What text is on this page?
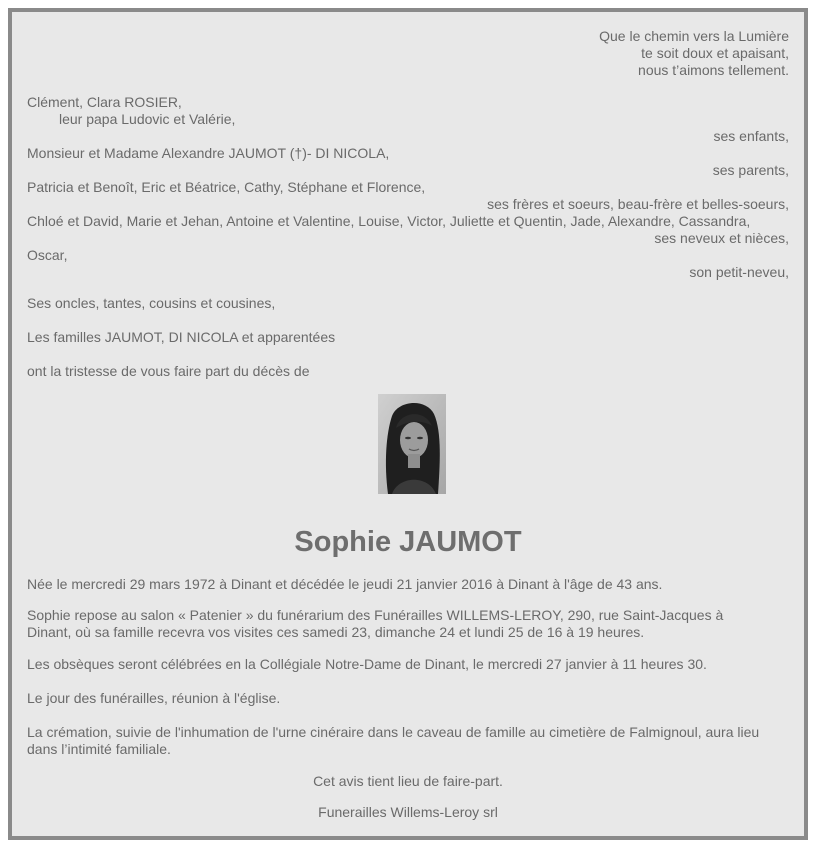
Que le chemin vers la Lumière
te soit doux et apaisant,
nous t’aimons tellement.
Clément, Clara ROSIER,
leur papa Ludovic et Valérie,
ses enfants,
Monsieur et Madame Alexandre JAUMOT (†)- DI NICOLA,
ses parents,
Patricia et Benoît, Eric et Béatrice, Cathy, Stéphane et Florence,
ses frères et soeurs, beau-frère et belles-soeurs,
Chloé et David, Marie et Jehan, Antoine et Valentine, Louise, Victor, Juliette et Quentin, Jade, Alexandre, Cassandra,
ses neveux et nièces,
Oscar,
son petit-neveu,
Ses oncles, tantes, cousins et cousines,
Les familles JAUMOT, DI NICOLA et apparentées
ont la tristesse de vous faire part du décès de
Sophie JAUMOT
Née le mercredi 29 mars 1972 à Dinant et décédée le jeudi 21 janvier 2016 à Dinant à l'âge de 43 ans.
Sophie repose au salon « Patenier » du funérarium des Funérailles WILLEMS-LEROY, 290, rue Saint-Jacques à
Dinant, où sa famille recevra vos visites ces samedi 23, dimanche 24 et lundi 25 de 16 à 19 heures.
Les obsèques seront célébrées en la Collégiale Notre-Dame de Dinant, le mercredi 27 janvier à 11 heures 30.
Le jour des funérailles, réunion à l'église.
La crémation, suivie de l'inhumation de l'urne cinéraire dans le caveau de famille au cimetière de Falmignoul, aura lieu
dans l’intimité familiale.
Cet avis tient lieu de faire-part.
Funerailles Willems-Leroy srl
